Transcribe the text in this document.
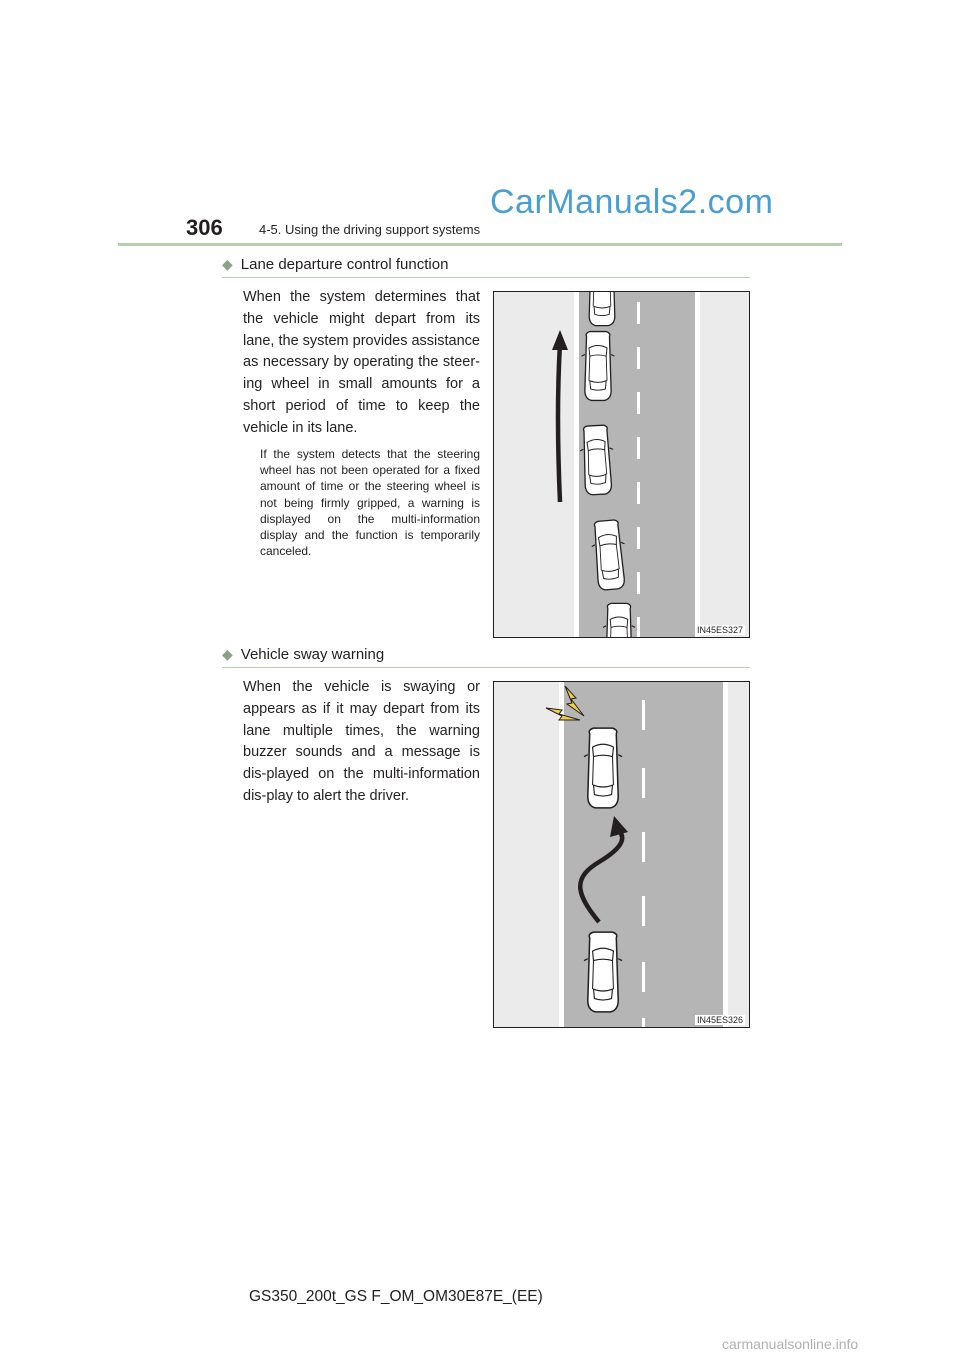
CarManuals2.com
306	4-5. Using the driving support systems
◆ Lane departure control function

When the system determines that the vehicle might depart from its lane, the system provides assistance as necessary by operating the steer-ing wheel in small amounts for a short period of time to keep the vehicle in its lane.

If the system detects that the steering wheel has not been operated for a fixed amount of time or the steering wheel is not being firmly gripped, a warning is displayed on the multi-information display and the function is temporarily canceled.

IN45ES327
◆ Vehicle sway warning

When the vehicle is swaying or appears as if it may depart from its lane multiple times, the warning buzzer sounds and a message is dis-played on the multi-information dis-play to alert the driver.

IN45ES326
GS350_200t_GS F_OM_OM30E87E_(EE)
carmanualsonline.info
